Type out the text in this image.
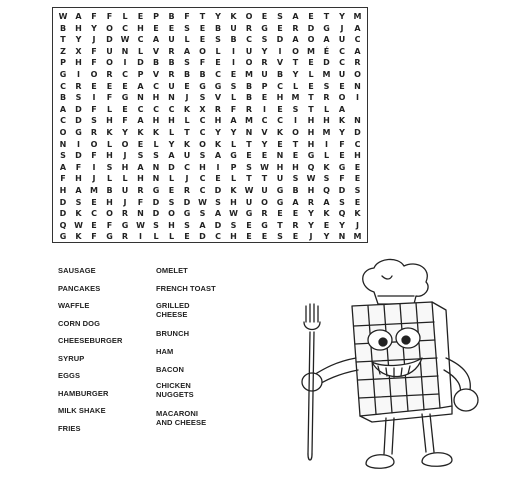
W A	F	F	L	E	P	B	F	T	Y	K	O	E	S	A	E	T	Y	M
B	H	Y	O	C	H	E	E	S	E	B	U	R	G	E	R	D	G	J	A
T	Y	J	D W	C	A	U	L	E	S	B	C	S	D	A	O	A	U	C
Z	X	F	U	N	L	V	R	A	O	L	I	U	Y	I	O	M	É	C	A
P	H	F	O	I	D	B	B	S	F	E	I	O	R	V	T	E	D	C	R
G	I	O	R	C	P	V	R	B	B	C	E	M	U	B	Y	L	M	U	O
C	R	E	E	E	A	C	U	E	G	G	S	B	P	C	L	E	S	E	N
B	S	I	F	G	N	H	N	J	S	V	L	B	E	H	M	T	R	O	I
A	D	F	L	E	C	C	C	K	X	R	F	R	I	E	S	T	L	A
C	D	S	H	F	A	H	H	L	C	H	A	M	C	C	I	H	H	K	N
O	G	R	K	Y	K	K	L	T	C	Y	Y	N	V	K	O	H	M	Y	D
N	I	O	L	O	E	L	Y	K	O	K	L	T	Y	E	T	H	I	F	C
S	D	F	H	J	S	S	A	U	S	A	G	E	E	N	E	G	L	E	H
A	F	I	S	H	A	N	D	C	H	I	P	S	W H	H	Q	K	G	E
F	H	J	L	L	H	N	L	J	C	E	L	T	T	U	S	W	S	F	E
H	A	M	B	U	R	G	E	R	C	D	K W U	G	B	H	Q	D	S
D	S	E	H	J	F	D	S	D W	S	H	U	O	G	A	R	A	S	E
D	K	C	O	R	N	D	O	G	S	A W G	R	E	E	Y	K	Q	K
Q W	E	F	G W	S	H	S	A	D	S	E	G	T	R	Y	E	Y	J
G	K	F	G	R	I	L	L	E	D	C	H	E	E	S	E	J	Y	N	M
SAUSAGE
PANCAKES
WAFFLE
CORN DOG
CHEESEBURGER
SYRUP
EGGS
HAMBURGER
MILK SHAKE
FRIES
OMELET
FRENCH TOAST
GRILLED
CHEESE
BRUNCH
HAM
BACON
CHICKEN
NUGGETS
MACARONI
AND CHEESE
